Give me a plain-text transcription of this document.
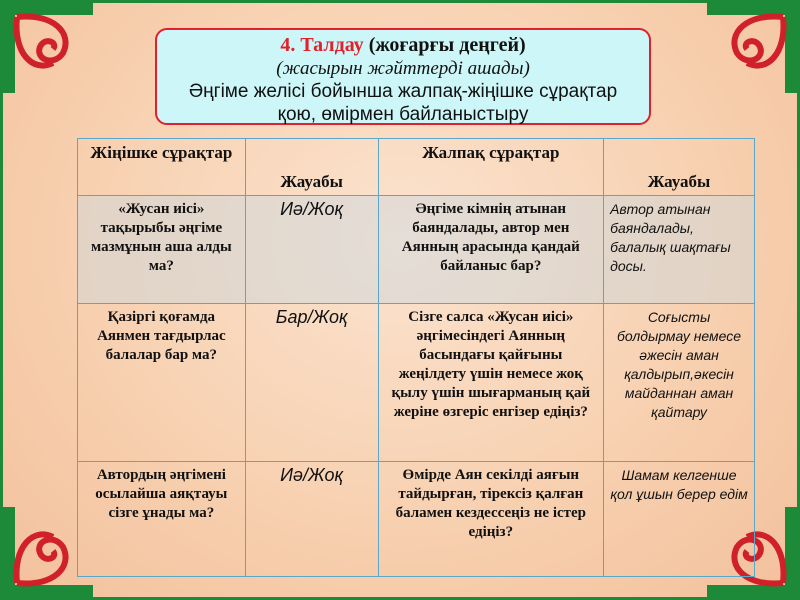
4. Талдау (жоғарғы деңгей)
(жасырын жәйттерді ашады)
Әңгіме желісі бойынша жалпақ-жіңішке сұрақтар
қою, өмірмен байланыстыру
Жіңішке сұрақтар	Жауабы	Жалпақ сұрақтар	Жауабы
«Жусан иісі» тақырыбы әңгіме мазмұнын аша алды ма?	Иә/Жоқ	Әңгіме кімнің атынан баяндалады, автор мен Аянның арасында қандай байланыс бар?	Автор атынан баяндалады, балалық шақтағы досы.
Қазіргі қоғамда Аянмен тағдырлас балалар бар ма?	Бар/Жоқ	Сізге салса «Жусан иісі» әңгімесіндегі Аянның басындағы қайғыны жеңілдету үшін немесе жоқ қылу үшін шығарманың қай жеріне өзгеріс енгізер едіңіз?	Соғысты болдырмау немесе әжесін аман қалдырып,әкесін майданнан аман қайтару
Автордың әңгімені осылайша аяқтауы сізге ұнады ма?	Иә/Жоқ	Өмірде Аян секілді аяғын тайдырған, тірексіз қалған баламен кездессеңіз не істер едіңіз?	Шамам келгенше қол ұшын берер едім
